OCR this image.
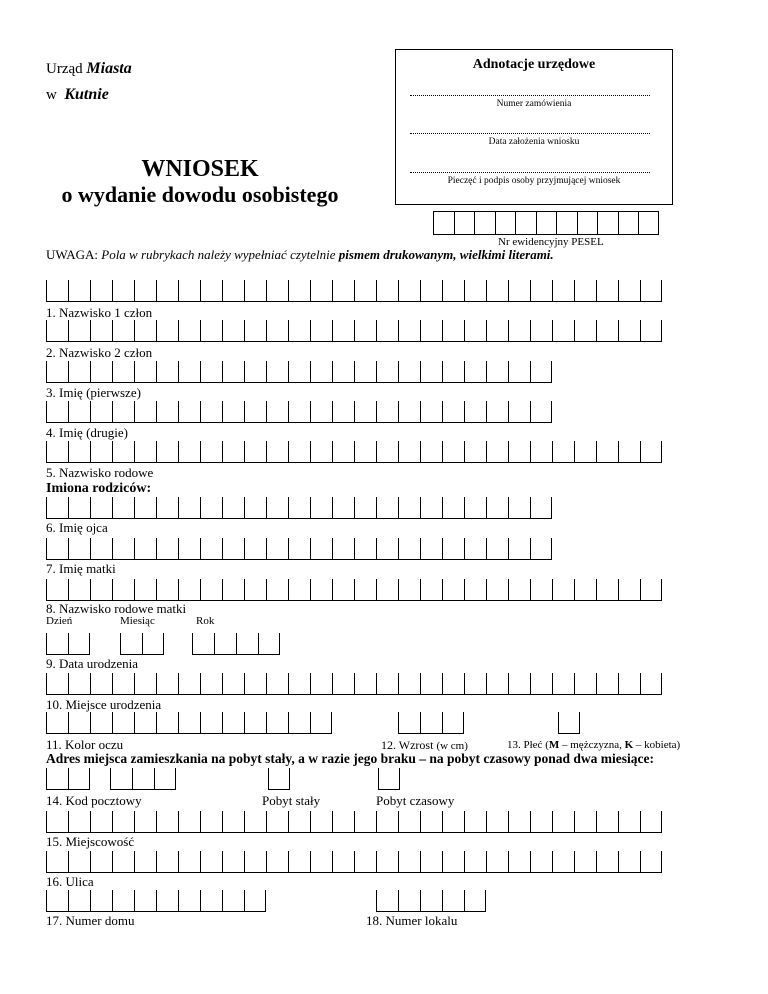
Urząd Miasta
w Kutnie
WNIOSEK
o wydanie dowodu osobistego
Adnotacje urzędowe
Numer zamówienia
Data założenia wniosku
Pieczęć i podpis osoby przyjmującej wniosek
Nr ewidencyjny PESEL
UWAGA: Pola w rubrykach należy wypełniać czytelnie pismem drukowanym, wielkimi literami.
1. Nazwisko 1 człon
2. Nazwisko 2 człon
3. Imię (pierwsze)
4. Imię (drugie)
5. Nazwisko rodowe
Imiona rodziców:
6. Imię ojca
7. Imię matki
8. Nazwisko rodowe matki
Dzień	Miesiąc	Rok
9. Data urodzenia
10. Miejsce urodzenia
11. Kolor oczu	12. Wzrost (w cm)	13. Płeć (M – mężczyzna, K – kobieta)
Adres miejsca zamieszkania na pobyt stały, a w razie jego braku – na pobyt czasowy ponad dwa miesiące:
14. Kod pocztowy	Pobyt stały	Pobyt czasowy
15. Miejscowość
16. Ulica
17. Numer domu	18. Numer lokalu
